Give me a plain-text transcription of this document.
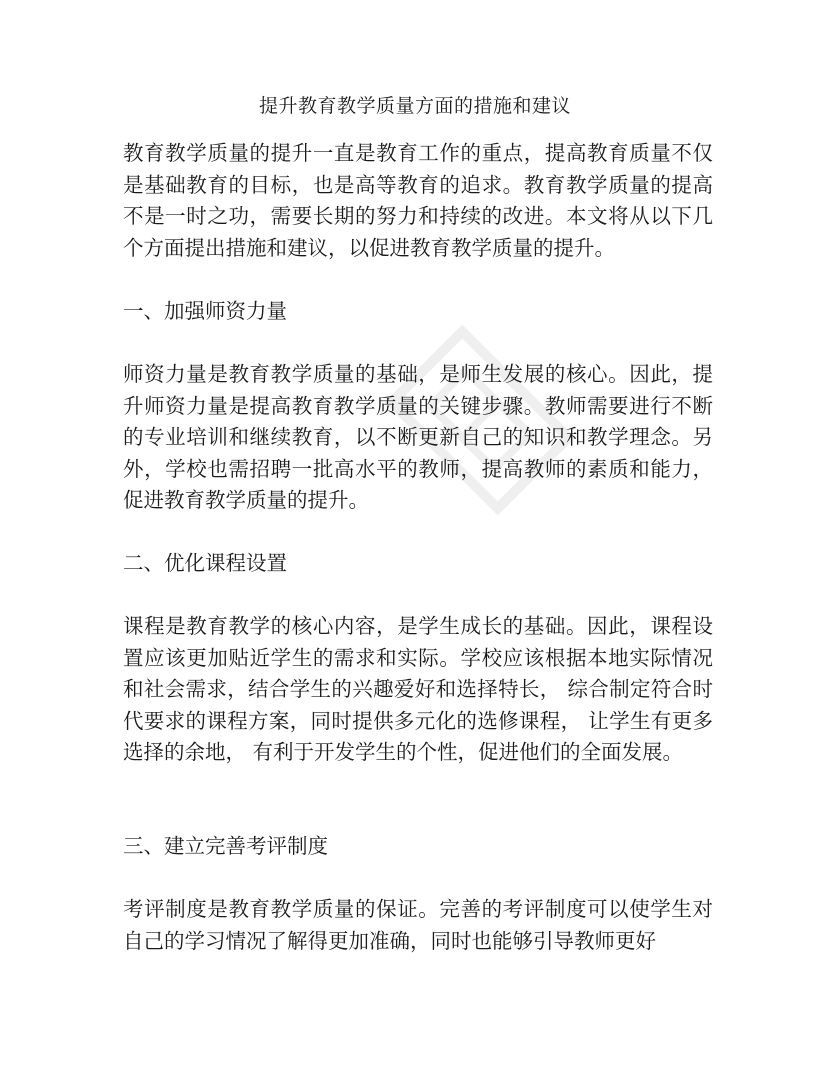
提升教育教学质量方面的措施和建议

教育教学质量的提升一直是教育工作的重点，提高教育质量不仅是基础教育的目标，也是高等教育的追求。教育教学质量的提高不是一时之功，需要长期的努力和持续的改进。本文将从以下几个方面提出措施和建议，以促进教育教学质量的提升。

一、加强师资力量

师资力量是教育教学质量的基础，是师生发展的核心。因此，提升师资力量是提高教育教学质量的关键步骤。教师需要进行不断的专业培训和继续教育，以不断更新自己的知识和教学理念。另外，学校也需招聘一批高水平的教师，提高教师的素质和能力，促进教育教学质量的提升。

二、优化课程设置

课程是教育教学的核心内容，是学生成长的基础。因此，课程设置应该更加贴近学生的需求和实际。学校应该根据本地实际情况和社会需求，结合学生的兴趣爱好和选择特长， 综合制定符合时代要求的课程方案，同时提供多元化的选修课程， 让学生有更多选择的余地， 有利于开发学生的个性，促进他们的全面发展。

三、建立完善考评制度

考评制度是教育教学质量的保证。完善的考评制度可以使学生对自己的学习情况了解得更加准确，同时也能够引导教师更好
